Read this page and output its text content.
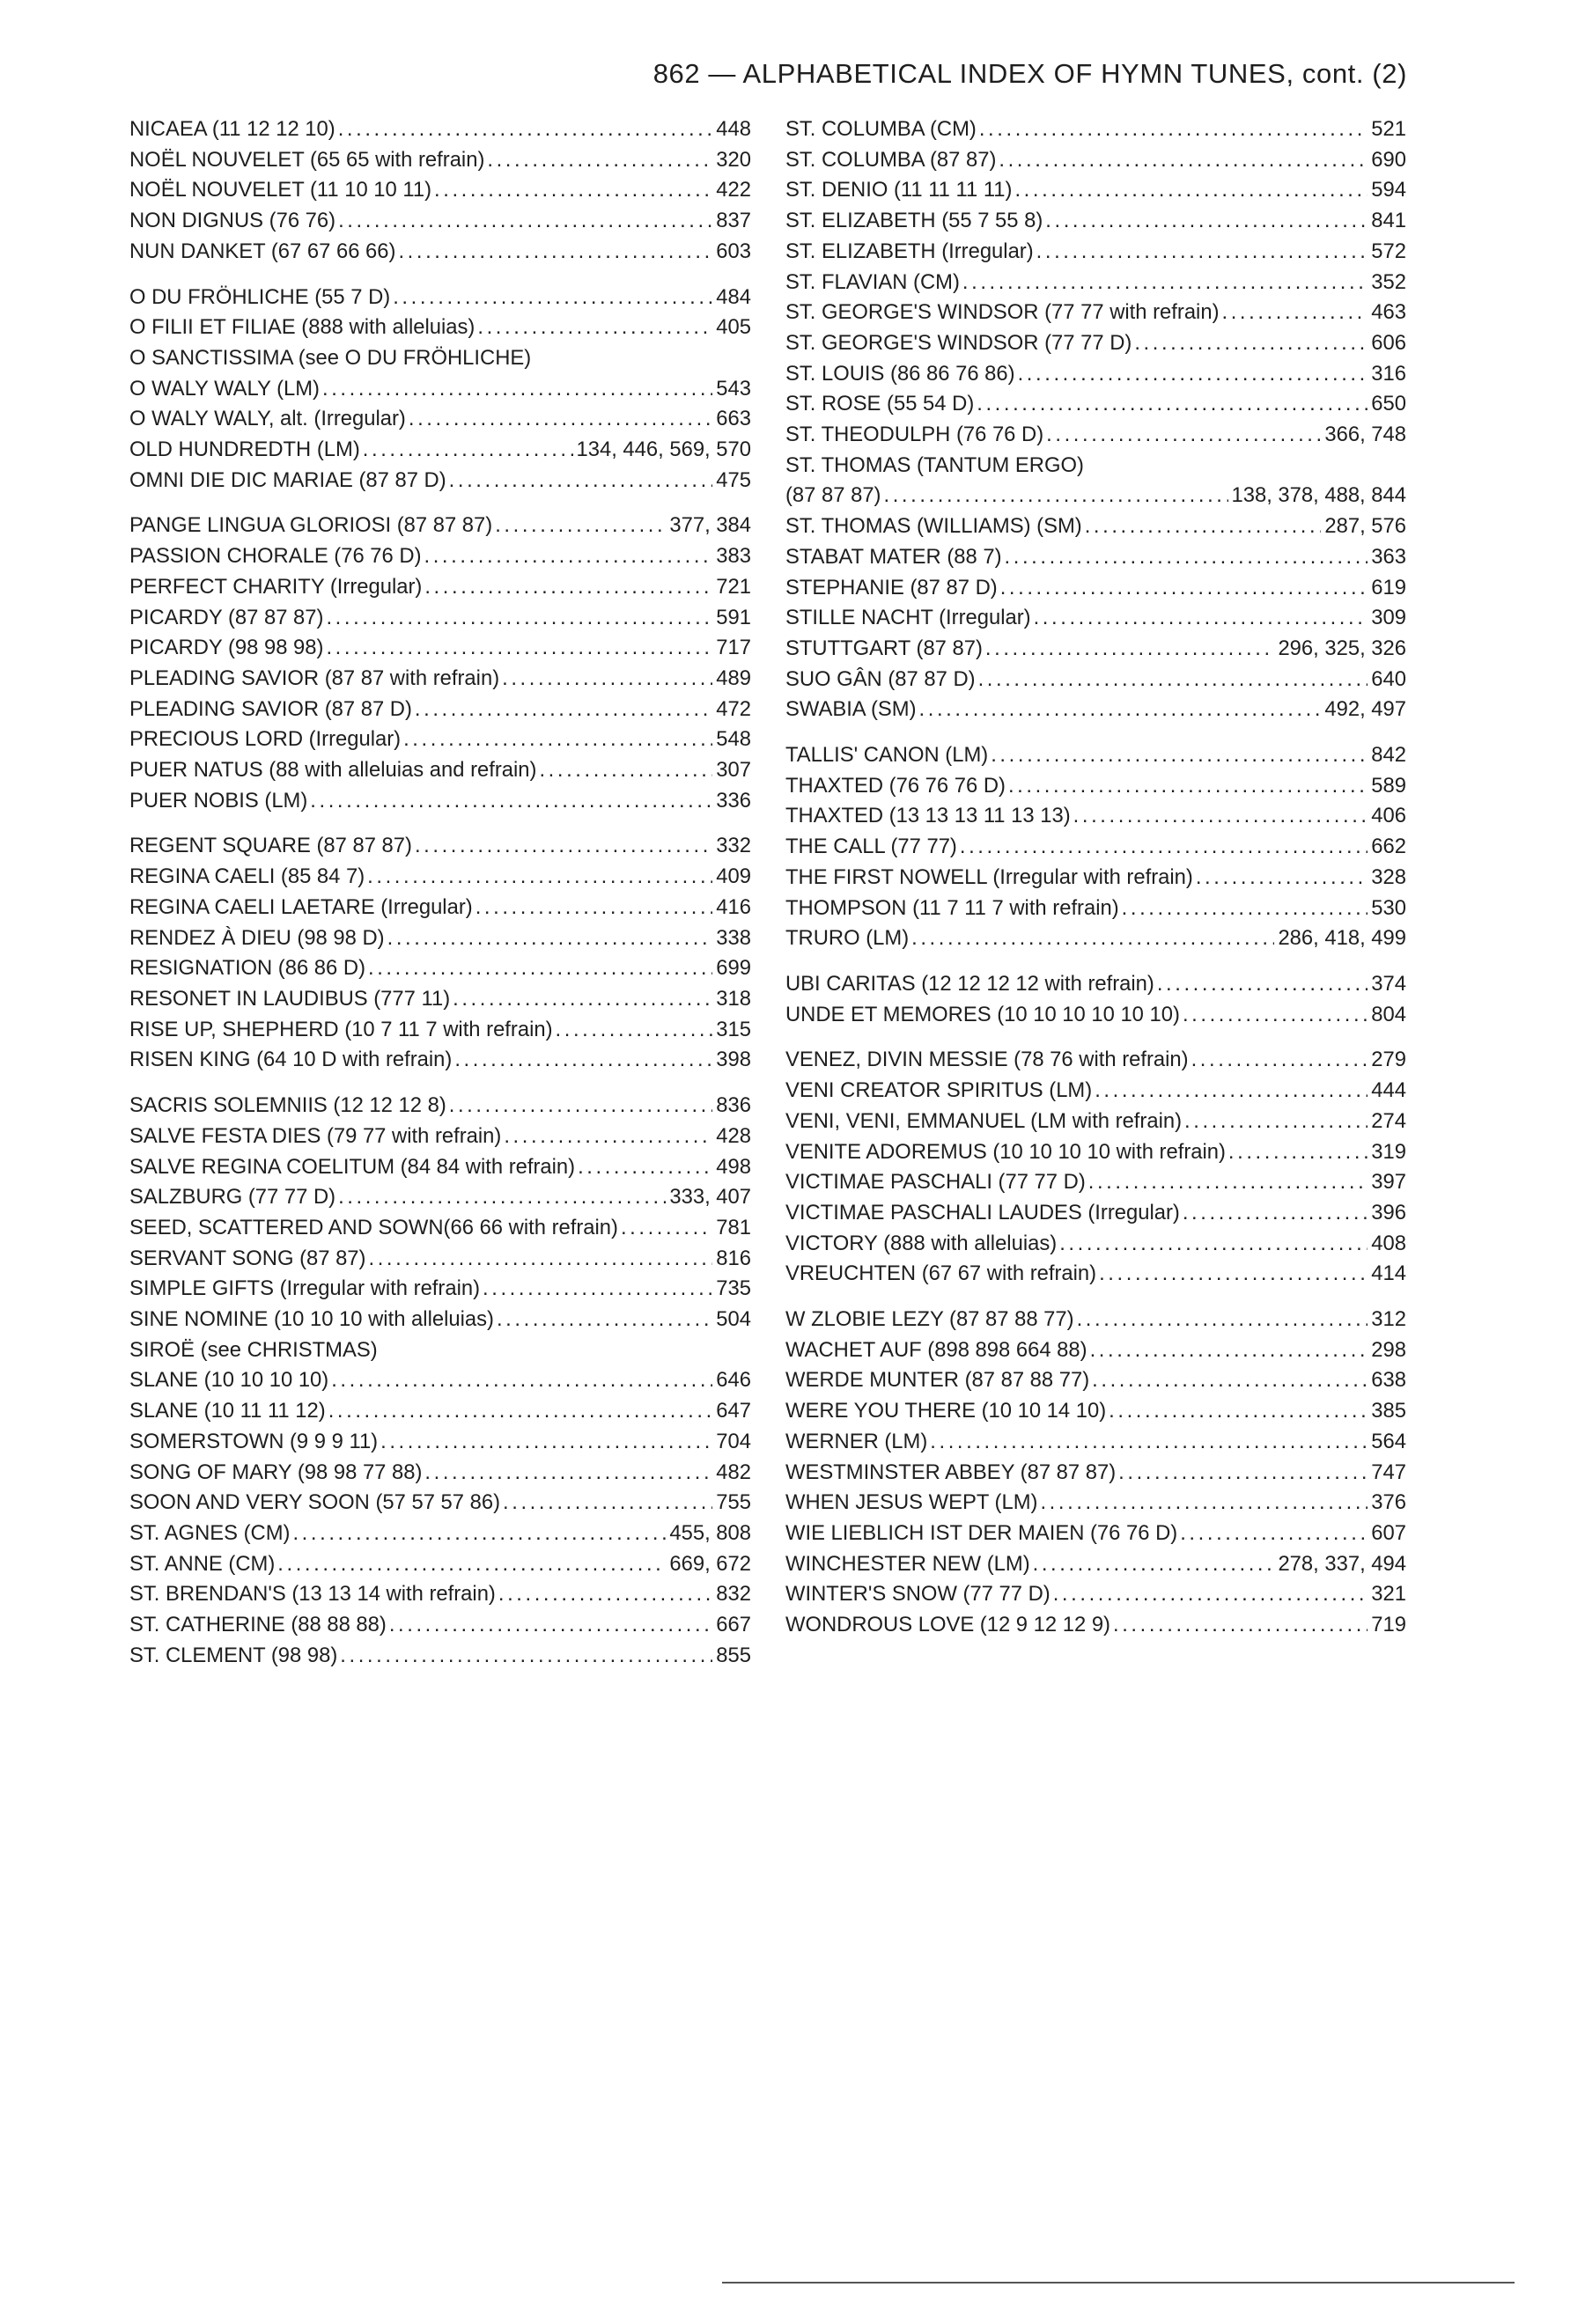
862 — ALPHABETICAL INDEX OF HYMN TUNES, cont. (2)
NICAEA (11 12 12 10) .....	448
NOËL NOUVELET (65 65 with refrain) .....	320
NOËL NOUVELET (11 10 10 11) .....	422
NON DIGNUS (76 76) .....	837
NUN DANKET (67 67 66 66) .....	603
O DU FRÖHLICHE (55 7 D) .....	484
O FILII ET FILIAE (888 with alleluias) .....	405
O SANCTISSIMA (see O DU FRÖHLICHE)
O WALY WALY (LM) .....	543
O WALY WALY, alt. (Irregular) .....	663
OLD HUNDREDTH (LM) .....	134, 446, 569, 570
OMNI DIE DIC MARIAE (87 87 D) .....	475
PANGE LINGUA GLORIOSI (87 87 87) .....	377, 384
PASSION CHORALE (76 76 D) .....	383
PERFECT CHARITY (Irregular) .....	721
PICARDY (87 87 87) .....	591
PICARDY (98 98 98) .....	717
PLEADING SAVIOR (87 87 with refrain) .....	489
PLEADING SAVIOR (87 87 D) .....	472
PRECIOUS LORD (Irregular) .....	548
PUER NATUS (88 with alleluias and refrain) .....	307
PUER NOBIS (LM) .....	336
REGENT SQUARE (87 87 87) .....	332
REGINA CAELI (85 84 7) .....	409
REGINA CAELI LAETARE (Irregular) .....	416
RENDEZ À DIEU (98 98 D) .....	338
RESIGNATION (86 86 D) .....	699
RESONET IN LAUDIBUS (777 11) .....	318
RISE UP, SHEPHERD (10 7 11 7 with refrain) .....	315
RISEN KING (64 10 D with refrain) .....	398
SACRIS SOLEMNIIS (12 12 12 8) .....	836
SALVE FESTA DIES (79 77 with refrain) .....	428
SALVE REGINA COELITUM (84 84 with refrain) .....	498
SALZBURG (77 77 D) .....	333, 407
SEED, SCATTERED AND SOWN(66 66 with refrain) .....	781
SERVANT SONG (87 87) .....	816
SIMPLE GIFTS (Irregular with refrain) .....	735
SINE NOMINE (10 10 10 with alleluias) .....	504
SIROË (see CHRISTMAS)
SLANE (10 10 10 10) .....	646
SLANE (10 11 11 12) .....	647
SOMERSTOWN (9 9 9 11) .....	704
SONG OF MARY (98 98 77 88) .....	482
SOON AND VERY SOON (57 57 57 86) .....	755
ST. AGNES (CM) .....	455, 808
ST. ANNE (CM) .....	669, 672
ST. BRENDAN'S (13 13 14 with refrain) .....	832
ST. CATHERINE (88 88 88) .....	667
ST. CLEMENT (98 98) .....	855
ST. COLUMBA (CM) .....	521
ST. COLUMBA (87 87) .....	690
ST. DENIO (11 11 11 11) .....	594
ST. ELIZABETH (55 7 55 8) .....	841
ST. ELIZABETH (Irregular) .....	572
ST. FLAVIAN (CM) .....	352
ST. GEORGE'S WINDSOR (77 77 with refrain) .....	463
ST. GEORGE'S WINDSOR (77 77 D) .....	606
ST. LOUIS (86 86 76 86) .....	316
ST. ROSE (55 54 D) .....	650
ST. THEODULPH (76 76 D) .....	366, 748
ST. THOMAS (TANTUM ERGO)
(87 87 87) .....	138, 378, 488, 844
ST. THOMAS (WILLIAMS) (SM) .....	287, 576
STABAT MATER (88 7) .....	363
STEPHANIE (87 87 D) .....	619
STILLE NACHT (Irregular) .....	309
STUTTGART (87 87) .....	296, 325, 326
SUO GÂN (87 87 D) .....	640
SWABIA (SM) .....	492, 497
TALLIS' CANON (LM) .....	842
THAXTED (76 76 76 D) .....	589
THAXTED (13 13 13 11 13 13) .....	406
THE CALL (77 77) .....	662
THE FIRST NOWELL (Irregular with refrain) .....	328
THOMPSON (11 7 11 7 with refrain) .....	530
TRURO (LM) .....	286, 418, 499
UBI CARITAS (12 12 12 12 with refrain) .....	374
UNDE ET MEMORES (10 10 10 10 10 10) .....	804
VENEZ, DIVIN MESSIE (78 76 with refrain) .....	279
VENI CREATOR SPIRITUS (LM) .....	444
VENI, VENI, EMMANUEL (LM with refrain) .....	274
VENITE ADOREMUS (10 10 10 10 with refrain) .....	319
VICTIMAE PASCHALI (77 77 D) .....	397
VICTIMAE PASCHALI LAUDES (Irregular) .....	396
VICTORY (888 with alleluias) .....	408
VREUCHTEN (67 67 with refrain) .....	414
W ZLOBIE LEZY (87 87 88 77) .....	312
WACHET AUF (898 898 664 88) .....	298
WERDE MUNTER (87 87 88 77) .....	638
WERE YOU THERE (10 10 14 10) .....	385
WERNER (LM) .....	564
WESTMINSTER ABBEY (87 87 87) .....	747
WHEN JESUS WEPT (LM) .....	376
WIE LIEBLICH IST DER MAIEN (76 76 D) .....	607
WINCHESTER NEW (LM) .....	278, 337, 494
WINTER'S SNOW (77 77 D) .....	321
WONDROUS LOVE (12 9 12 12 9) .....	719
